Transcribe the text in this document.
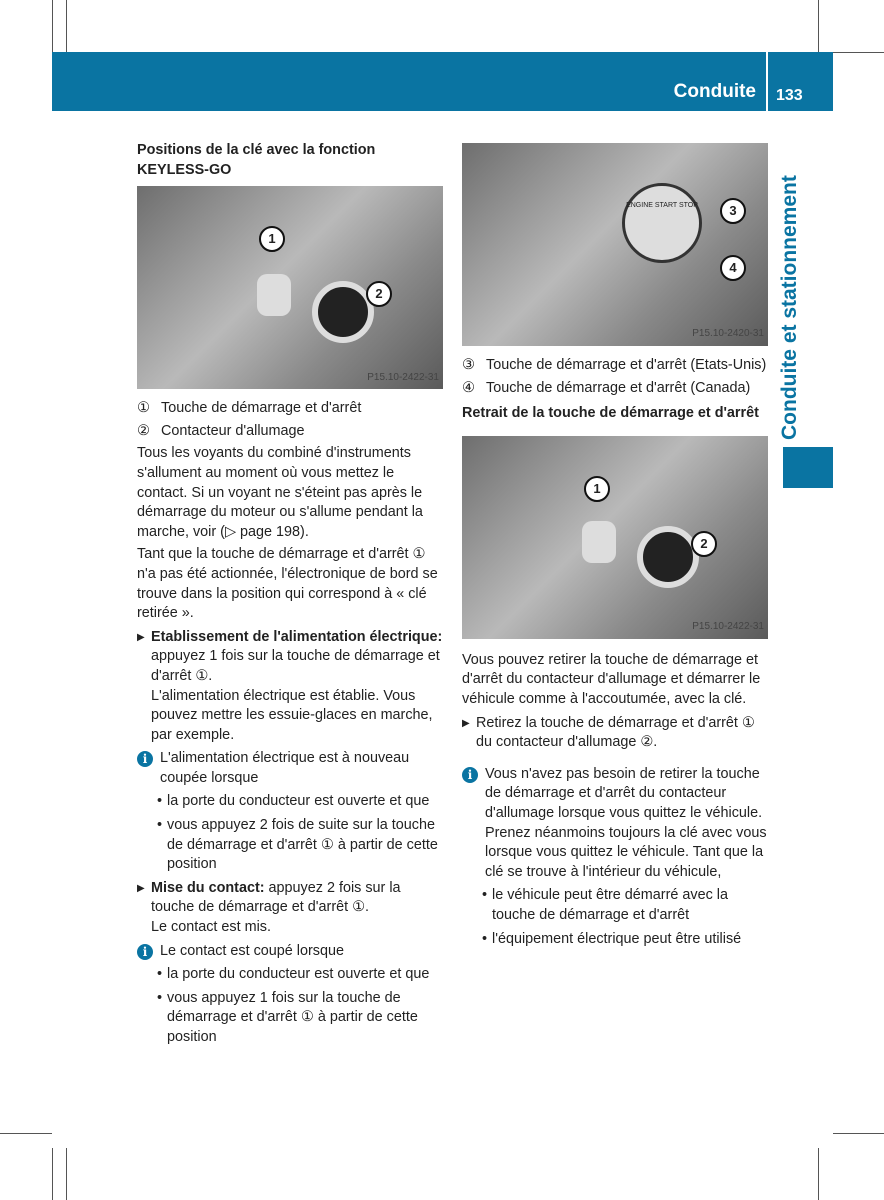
Conduite 133
Conduite et stationnement
Positions de la clé avec la fonction KEYLESS-GO
1
2
P15.10-2422-31
① Touche de démarrage et d'arrêt
② Contacteur d'allumage

Tous les voyants du combiné d'instruments s'allument au moment où vous mettez le contact. Si un voyant ne s'éteint pas après le démarrage du moteur ou s'allume pendant la marche, voir (▷ page 198).

Tant que la touche de démarrage et d'arrêt ① n'a pas été actionnée, l'électronique de bord se trouve dans la position qui correspond à « clé retirée ».

▶ Etablissement de l'alimentation électrique: appuyez 1 fois sur la touche de démarrage et d'arrêt ①.
L'alimentation électrique est établie. Vous pouvez mettre les essuie-glaces en marche, par exemple.
i L'alimentation électrique est à nouveau coupée lorsque
• la porte du conducteur est ouverte et que
• vous appuyez 2 fois de suite sur la touche de démarrage et d'arrêt ① à partir de cette position
▶ Mise du contact: appuyez 2 fois sur la touche de démarrage et d'arrêt ①.
Le contact est mis.
i Le contact est coupé lorsque
• la porte du conducteur est ouverte et que
• vous appuyez 1 fois sur la touche de démarrage et d'arrêt ① à partir de cette position
ENGINE START STOP	3
4
P15.10-2420-31
③ Touche de démarrage et d'arrêt (Etats-Unis)
④ Touche de démarrage et d'arrêt (Canada)
Retrait de la touche de démarrage et d'arrêt
1
2
P15.10-2422-31

Vous pouvez retirer la touche de démarrage et d'arrêt du contacteur d'allumage et démarrer le véhicule comme à l'accoutumée, avec la clé.

▶ Retirez la touche de démarrage et d'arrêt ① du contacteur d'allumage ②.
i Vous n'avez pas besoin de retirer la touche de démarrage et d'arrêt du contacteur d'allumage lorsque vous quittez le véhicule. Prenez néanmoins toujours la clé avec vous lorsque vous quittez le véhicule. Tant que la clé se trouve à l'intérieur du véhicule,
• le véhicule peut être démarré avec la touche de démarrage et d'arrêt
• l'équipement électrique peut être utilisé
